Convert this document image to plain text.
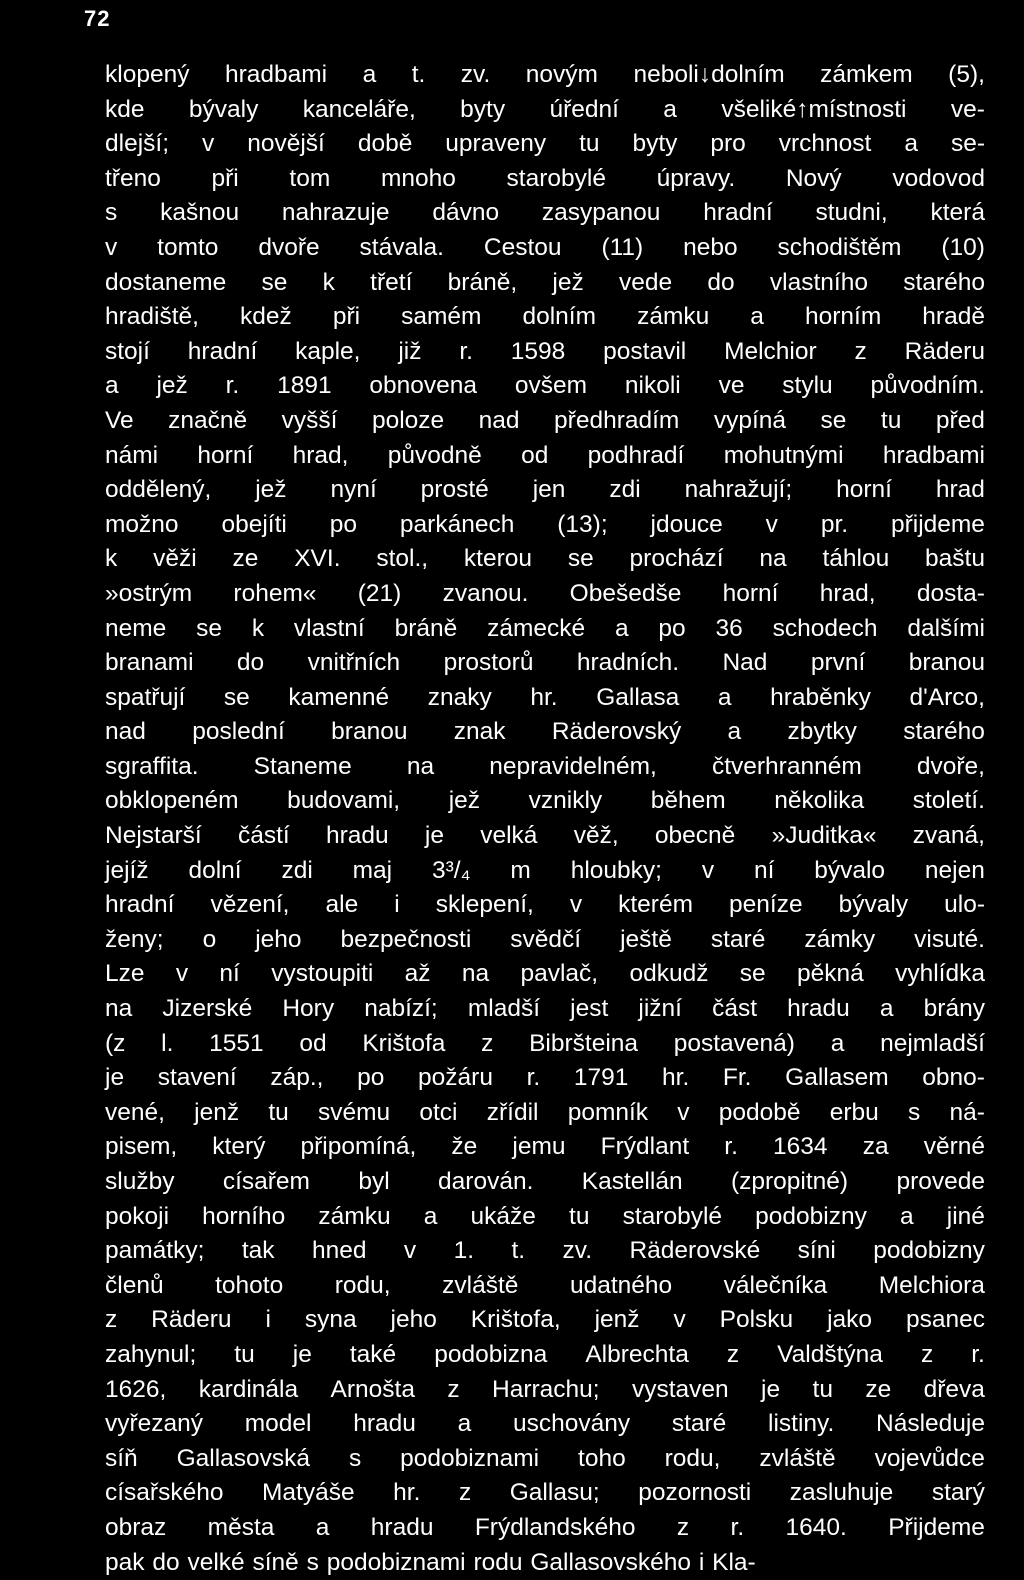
72
klopený hradbami a t. zv. novým neboli↓dolním zámkem (5),
kde bývaly kanceláře, byty úřední a všeliké↑místnosti ve-
dlejší; v novější době upraveny tu byty pro vrchnost a se-
třeno při tom mnoho starobylé úpravy. Nový vodovod
s kašnou nahrazuje dávno zasypanou hradní studni, která
v tomto dvoře stávala. Cestou (11) nebo schodištěm (10)
dostaneme se k třetí bráně, jež vede do vlastního starého
hradiště, kdež při samém dolním zámku a horním hradě
stojí hradní kaple, již r. 1598 postavil Melchior z Räderu
a jež r. 1891 obnovena ovšem nikoli ve stylu původním.
Ve značně vyšší poloze nad předhradím vypíná se tu před
námi horní hrad, původně od podhradí mohutnými hradbami
oddělený, jež nyní prosté jen zdi nahražují; horní hrad
možno obejíti po parkánech (13); jdouce v pr. přijdeme
k věži ze XVI. stol., kterou se prochází na táhlou baštu
»ostrým rohem« (21) zvanou. Obešedše horní hrad, dosta-
neme se k vlastní bráně zámecké a po 36 schodech dalšími
branami do vnitřních prostorů hradních. Nad první branou
spatřují se kamenné znaky hr. Gallasa a hraběnky d'Arco,
nad poslední branou znak Räderovský a zbytky starého
sgraffita. Staneme na nepravidelném, čtverhranném dvoře,
obklopeném budovami, jež vznikly během několika století.
Nejstarší částí hradu je velká věž, obecně »Juditka« zvaná,
jejíž dolní zdi maj 3³/₄ m hloubky; v ní bývalo nejen
hradní vězení, ale i sklepení, v kterém peníze bývaly ulo-
ženy; o jeho bezpečnosti svědčí ještě staré zámky visuté.
Lze v ní vystoupiti až na pavlač, odkudž se pěkná vyhlídka
na Jizerské Hory nabízí; mladší jest jižní část hradu a brány
(z l. 1551 od Krištofa z Bibršteina postavená) a nejmladší
je stavení záp., po požáru r. 1791 hr. Fr. Gallasem obno-
vené, jenž tu svému otci zřídil pomník v podobě erbu s ná-
pisem, který připomíná, že jemu Frýdlant r. 1634 za věrné
služby císařem byl darován. Kastellán (zpropitné) provede
pokoji horního zámku a ukáže tu starobylé podobizny a jiné
památky; tak hned v 1. t. zv. Räderovské síni podobizny
členů tohoto rodu, zvláště udatného válečníka Melchiora
z Räderu i syna jeho Krištofa, jenž v Polsku jako psanec
zahynul; tu je také podobizna Albrechta z Valdštýna z r.
1626, kardinála Arnošta z Harrachu; vystaven je tu ze dřeva
vyřezaný model hradu a uschovány staré listiny. Následuje
síň Gallasovská s podobiznami toho rodu, zvláště vojevůdce
císařského Matyáše hr. z Gallasu; pozornosti zasluhuje starý
obraz města a hradu Frýdlandského z r. 1640. Přijdeme
pak do velké síně s podobiznami rodu Gallasovského i Kla-
